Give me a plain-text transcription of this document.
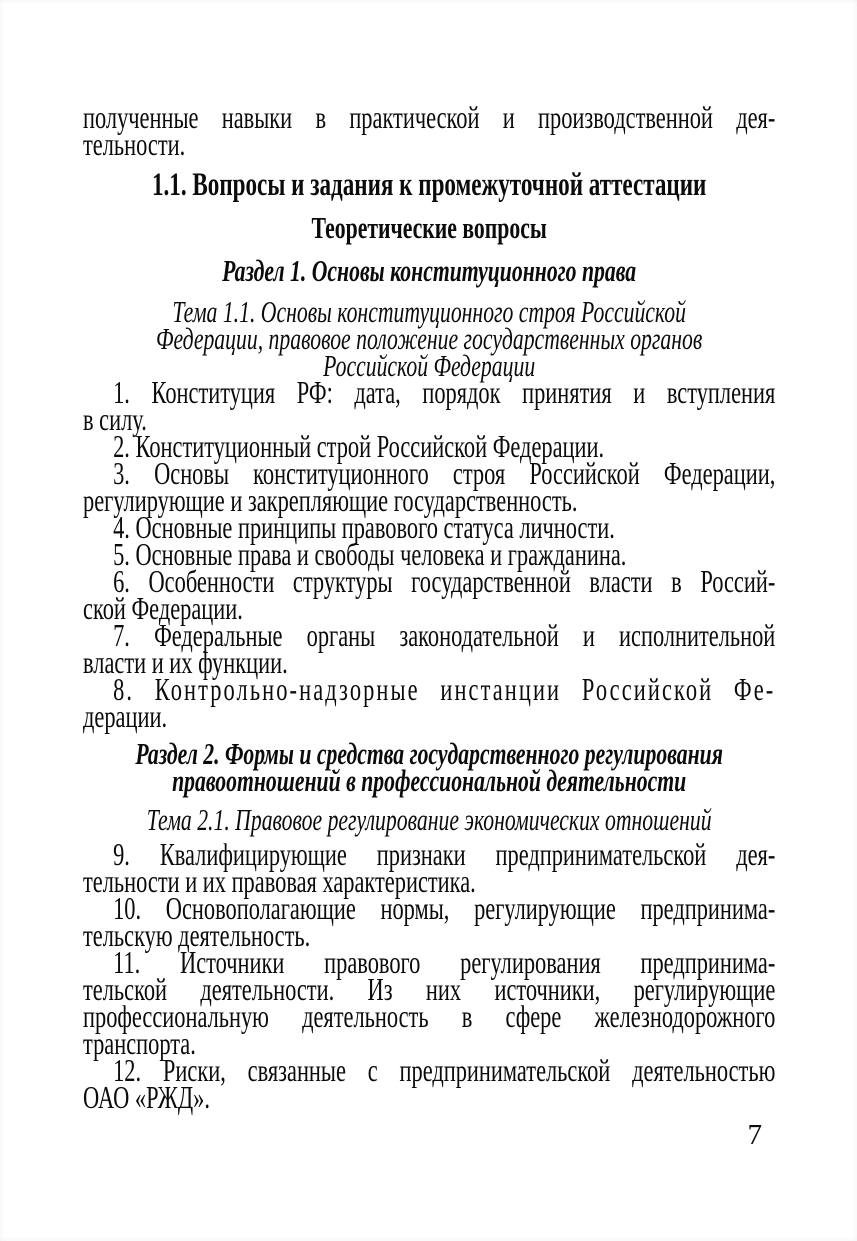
полученные навыки в практической и производственной дея-
тельности.
1.1. Вопросы и задания к промежуточной аттестации
Теоретические вопросы
Раздел 1. Основы конституционного права
Тема 1.1. Основы конституционного строя Российской
Федерации, правовое положение государственных органов
Российской Федерации
1. Конституция РФ: дата, порядок принятия и вступления
в силу.
2. Конституционный строй Российской Федерации.
3. Основы конституционного строя Российской Федерации,
регулирующие и закрепляющие государственность.
4. Основные принципы правового статуса личности.
5. Основные права и свободы человека и гражданина.
6. Особенности структуры государственной власти в Россий-
ской Федерации.
7. Федеральные органы законодательной и исполнительной
власти и их функции.
8. Контрольно-надзорные инстанции Российской Фе-
дерации.
Раздел 2. Формы и средства государственного регулирования
правоотношений в профессиональной деятельности
Тема 2.1. Правовое регулирование экономических отношений
9. Квалифицирующие признаки предпринимательской дея-
тельности и их правовая характеристика.
10. Основополагающие нормы, регулирующие предпринима-
тельскую деятельность.
11. Источники правового регулирования предпринима-
тельской деятельности. Из них источники, регулирующие
профессиональную деятельность в сфере железнодорожного
транспорта.
12. Риски, связанные с предпринимательской деятельностью
ОАО «РЖД».
7
